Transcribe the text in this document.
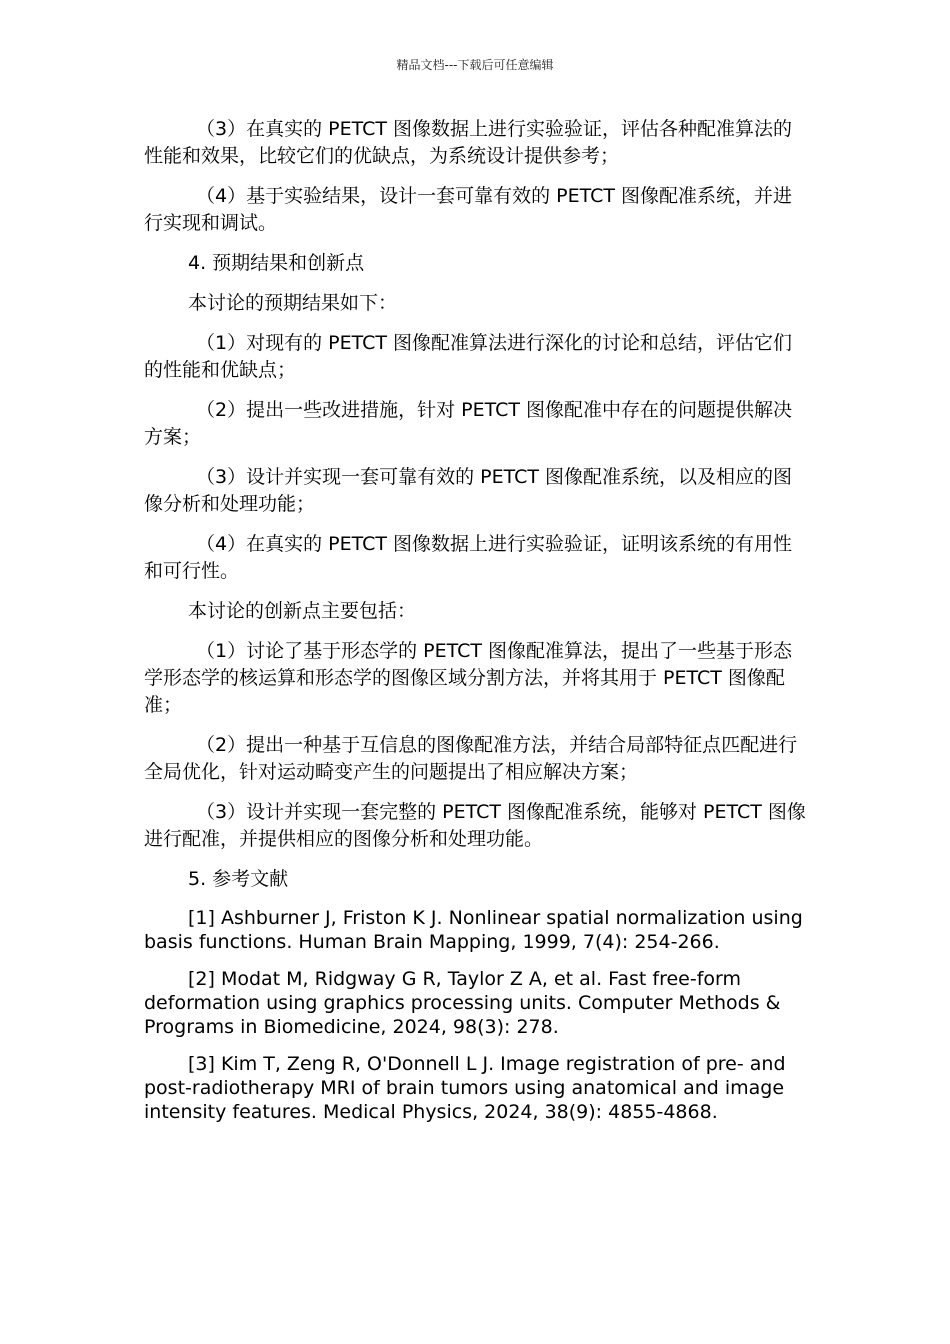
精品文档---下载后可任意编辑

（3）在真实的 PETCT 图像数据上进行实验验证，评估各种配准算法的性能和效果，比较它们的优缺点，为系统设计提供参考；

（4）基于实验结果，设计一套可靠有效的 PETCT 图像配准系统，并进行实现和调试。

4. 预期结果和创新点

本讨论的预期结果如下：

（1）对现有的 PETCT 图像配准算法进行深化的讨论和总结，评估它们的性能和优缺点；

（2）提出一些改进措施，针对 PETCT 图像配准中存在的问题提供解决方案；

（3）设计并实现一套可靠有效的 PETCT 图像配准系统，以及相应的图像分析和处理功能；

（4）在真实的 PETCT 图像数据上进行实验验证，证明该系统的有用性和可行性。

本讨论的创新点主要包括：

（1）讨论了基于形态学的 PETCT 图像配准算法，提出了一些基于形态学形态学的核运算和形态学的图像区域分割方法，并将其用于 PETCT 图像配准；

（2）提出一种基于互信息的图像配准方法，并结合局部特征点匹配进行全局优化，针对运动畸变产生的问题提出了相应解决方案；

（3）设计并实现一套完整的 PETCT 图像配准系统，能够对 PETCT 图像进行配准，并提供相应的图像分析和处理功能。

5. 参考文献

[1] Ashburner J, Friston K J. Nonlinear spatial normalization using basis functions. Human Brain Mapping, 1999, 7(4): 254-266.

[2] Modat M, Ridgway G R, Taylor Z A, et al. Fast free-form deformation using graphics processing units. Computer Methods & Programs in Biomedicine, 2024, 98(3): 278.

[3] Kim T, Zeng R, O'Donnell L J. Image registration of pre- and post-radiotherapy MRI of brain tumors using anatomical and image intensity features. Medical Physics, 2024, 38(9): 4855-4868.
